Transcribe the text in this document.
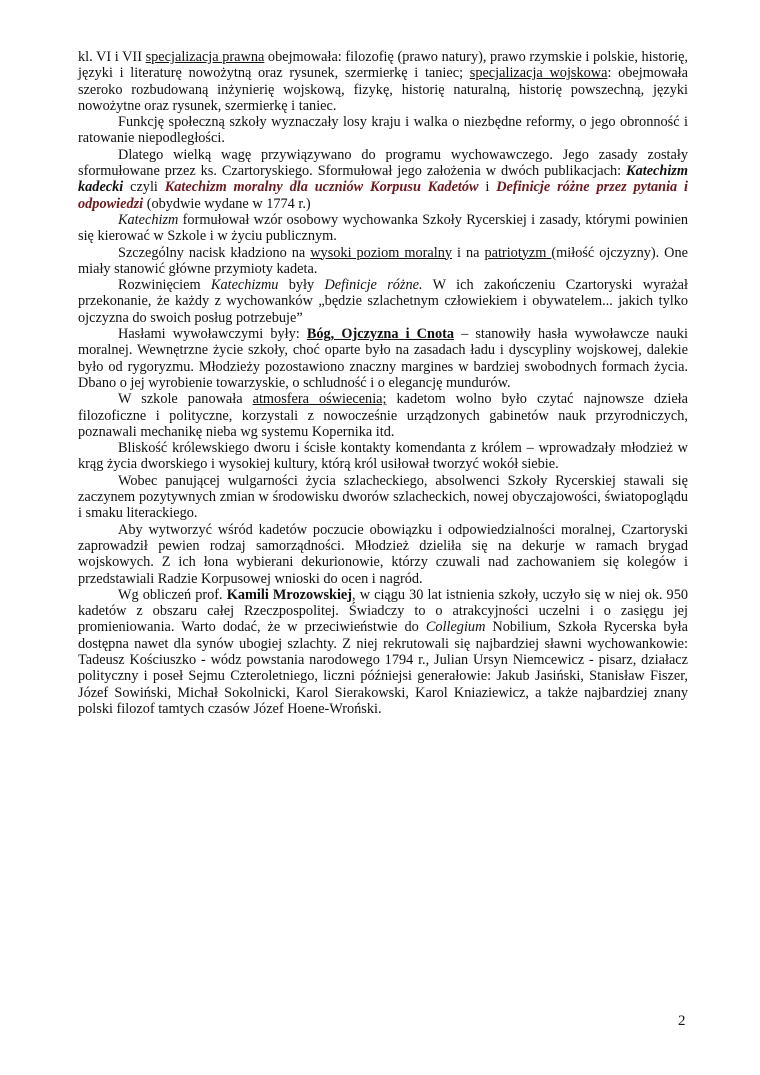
kl. VI i VII specjalizacja prawna obejmowała: filozofię (prawo natury), prawo rzymskie i polskie, historię, języki i literaturę nowożytną oraz rysunek, szermierkę i taniec; specjalizacja wojskowa: obejmowała szeroko rozbudowaną inżynierię wojskową, fizykę, historię naturalną, historię powszechną, języki nowożytne oraz rysunek, szermierkę i taniec.

Funkcję społeczną szkoły wyznaczały losy kraju i walka o niezbędne reformy, o jego obronność i ratowanie niepodległości.

Dlatego wielką wagę przywiązywano do programu wychowawczego. Jego zasady zostały sformułowane przez ks. Czartoryskiego. Sformułował jego założenia w dwóch publikacjach: Katechizm kadecki czyli Katechizm moralny dla uczniów Korpusu Kadetów i Definicje różne przez pytania i odpowiedzi (obydwie wydane w 1774 r.)

Katechizm formułował wzór osobowy wychowanka Szkoły Rycerskiej i zasady, którymi powinien się kierować w Szkole i w życiu publicznym.

Szczególny nacisk kładziono na wysoki poziom moralny i na patriotyzm (miłość ojczyzny). One miały stanowić główne przymioty kadeta.

Rozwinięciem Katechizmu były Definicje różne. W ich zakończeniu Czartoryski wyrażał przekonanie, że każdy z wychowanków „będzie szlachetnym człowiekiem i obywatelem... jakich tylko ojczyzna do swoich posług potrzebuje”

Hasłami wywoławczymi były: Bóg, Ojczyzna i Cnota – stanowiły hasła wywoławcze nauki moralnej. Wewnętrzne życie szkoły, choć oparte było na zasadach ładu i dyscypliny wojskowej, dalekie było od rygoryzmu. Młodzieży pozostawiono znaczny margines w bardziej swobodnych formach życia. Dbano o jej wyrobienie towarzyskie, o schludność i o elegancję mundurów.

W szkole panowała atmosfera oświecenia; kadetom wolno było czytać najnowsze dzieła filozoficzne i polityczne, korzystali z nowocześnie urządzonych gabinetów nauk przyrodniczych, poznawali mechanikę nieba wg systemu Kopernika itd.

Bliskość królewskiego dworu i ścisłe kontakty komendanta z królem – wprowadzały młodzież w krąg życia dworskiego i wysokiej kultury, którą król usiłował tworzyć wokół siebie.

Wobec panującej wulgarności życia szlacheckiego, absolwenci Szkoły Rycerskiej stawali się zaczynem pozytywnych zmian w środowisku dworów szlacheckich, nowej obyczajowości, światopoglądu i smaku literackiego.

Aby wytworzyć wśród kadetów poczucie obowiązku i odpowiedzialności moralnej, Czartoryski zaprowadził pewien rodzaj samorządności. Młodzież dzieliła się na dekurje w ramach brygad wojskowych. Z ich łona wybierani dekurionowie, którzy czuwali nad zachowaniem się kolegów i przedstawiali Radzie Korpusowej wnioski do ocen i nagród.

Wg obliczeń prof. Kamili Mrozowskiej, w ciągu 30 lat istnienia szkoły, uczyło się w niej ok. 950 kadetów z obszaru całej Rzeczpospolitej. Świadczy to o atrakcyjności uczelni i o zasięgu jej promieniowania. Warto dodać, że w przeciwieństwie do Collegium Nobilium, Szkoła Rycerska była dostępna nawet dla synów ubogiej szlachty. Z niej rekrutowali się najbardziej sławni wychowankowie: Tadeusz Kościuszko - wódz powstania narodowego 1794 r., Julian Ursyn Niemcewicz - pisarz, działacz polityczny i poseł Sejmu Czteroletniego, liczni późniejsi generałowie: Jakub Jasiński, Stanisław Fiszer, Józef Sowiński, Michał Sokolnicki, Karol Sierakowski, Karol Kniaziewicz, a także najbardziej znany polski filozof tamtych czasów Józef Hoene-Wroński.

2
